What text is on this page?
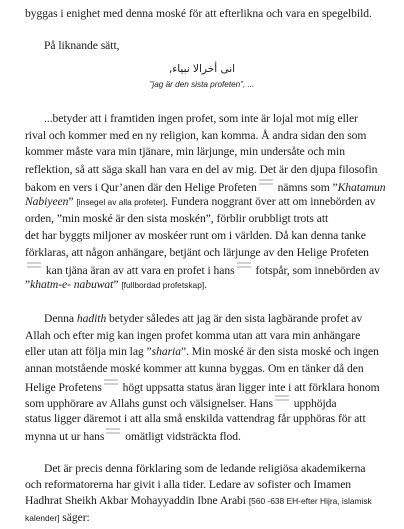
byggas i enighet med denna moské för att efterlikna och vara en spegelbild.
På liknande sätt,
انى أخرالا نبياء,
”jag är den sista profeten”, ...
...betyder att i framtiden ingen profet, som inte är lojal mot mig eller
rival och kommer med en ny religion, kan komma. Å andra sidan den som
kommer måste vara min tjänare, min lärjunge, min undersåte och min
reflektion, så att säga skall han vara en del av mig. Det är den djupa filosofin
bakom en vers i Qur’anen där den Helige Profeten nämns som ”Khatamun
Nabiyeen” [insegel av alla profeter]. Fundera noggrant över att om innebörden av
orden, ”min moské är den sista moskén”, förblir orubbligt trots att
det har byggts miljoner av moskéer runt om i världen. Då kan denna tanke
förklaras, att någon anhängare, betjänt och lärjunge av den Helige Profeten
kan tjäna äran av att vara en profet i hans fotspår, som innebörden av
”khatm-e- nabuwat” [fullbordad profetskap].
Denna hadith betyder således att jag är den sista lagbärande profet av
Allah och efter mig kan ingen profet komma utan att vara min anhängare
eller utan att följa min lag ”sharia”. Min moské är den sista moské och ingen
annan motstående moské kommer att kunna byggas. Om en tänker då den
Helige Profetens högt uppsatta status äran ligger inte i att förklara honom
som upphörare av Allahs gunst och välsignelser. Hans upphöjda
status ligger däremot i att alla små enskilda vattendrag får upphöras för att
mynna ut ur hans omätligt vidsträckta flod.
Det är precis denna förklaring som de ledande religiösa akademikerna
och reformatorerna har givit i alla tider. Ledare av sofister och Imamen
Hadhrat Sheikh Akbar Mohayyaddin Ibne Arabi [560 -638 EH-efter Hijra, islamisk
kalender] säger:
